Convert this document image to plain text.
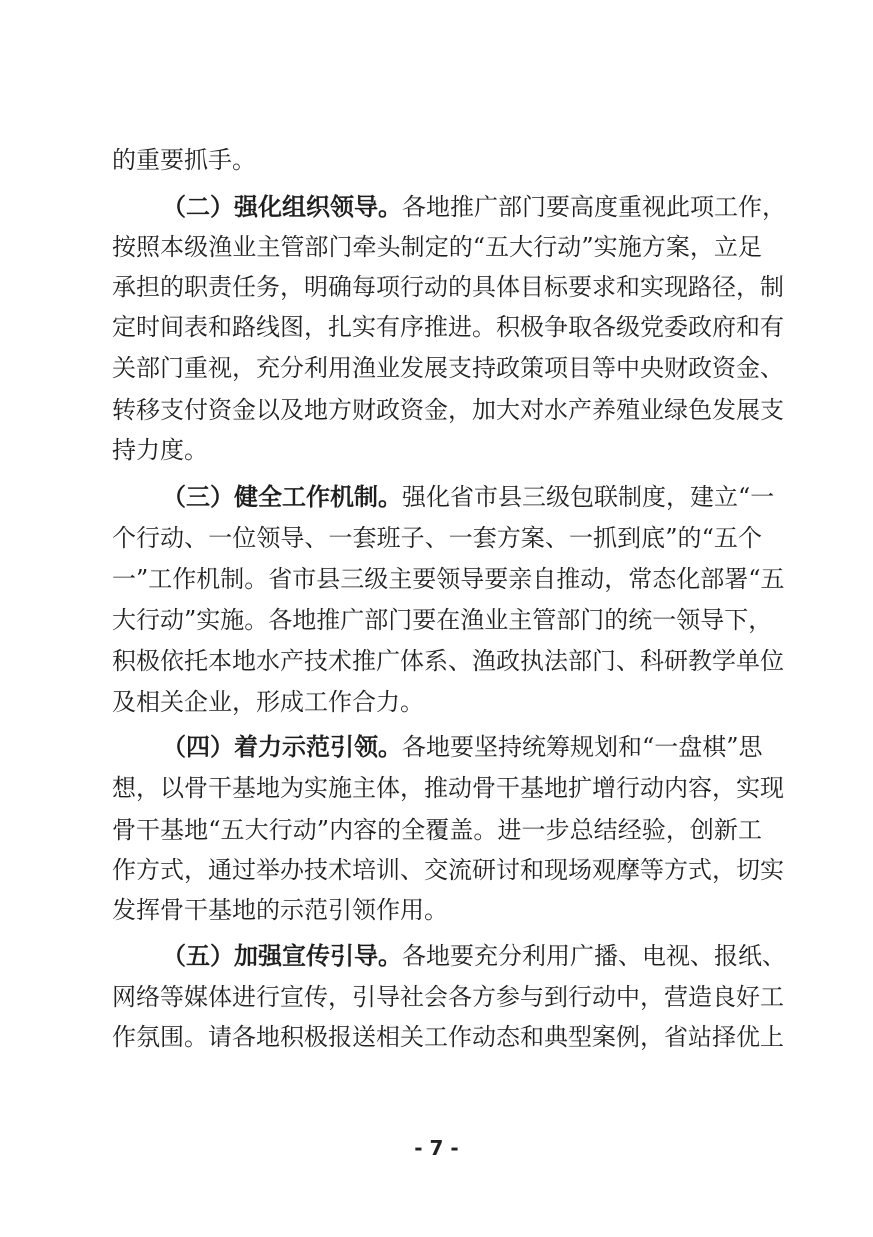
的重要抓手。
（二）强化组织领导。各地推广部门要高度重视此项工作，
按照本级渔业主管部门牵头制定的“五大行动”实施方案，立足
承担的职责任务，明确每项行动的具体目标要求和实现路径，制
定时间表和路线图，扎实有序推进。积极争取各级党委政府和有
关部门重视，充分利用渔业发展支持政策项目等中央财政资金、
转移支付资金以及地方财政资金，加大对水产养殖业绿色发展支
持力度。
（三）健全工作机制。强化省市县三级包联制度，建立“一
个行动、一位领导、一套班子、一套方案、一抓到底”的“五个
一”工作机制。省市县三级主要领导要亲自推动，常态化部署“五
大行动”实施。各地推广部门要在渔业主管部门的统一领导下，
积极依托本地水产技术推广体系、渔政执法部门、科研教学单位
及相关企业，形成工作合力。
（四）着力示范引领。各地要坚持统筹规划和“一盘棋”思
想，以骨干基地为实施主体，推动骨干基地扩增行动内容，实现
骨干基地“五大行动”内容的全覆盖。进一步总结经验，创新工
作方式，通过举办技术培训、交流研讨和现场观摩等方式，切实
发挥骨干基地的示范引领作用。
（五）加强宣传引导。各地要充分利用广播、电视、报纸、
网络等媒体进行宣传，引导社会各方参与到行动中，营造良好工
作氛围。请各地积极报送相关工作动态和典型案例，省站择优上
- 7 -
